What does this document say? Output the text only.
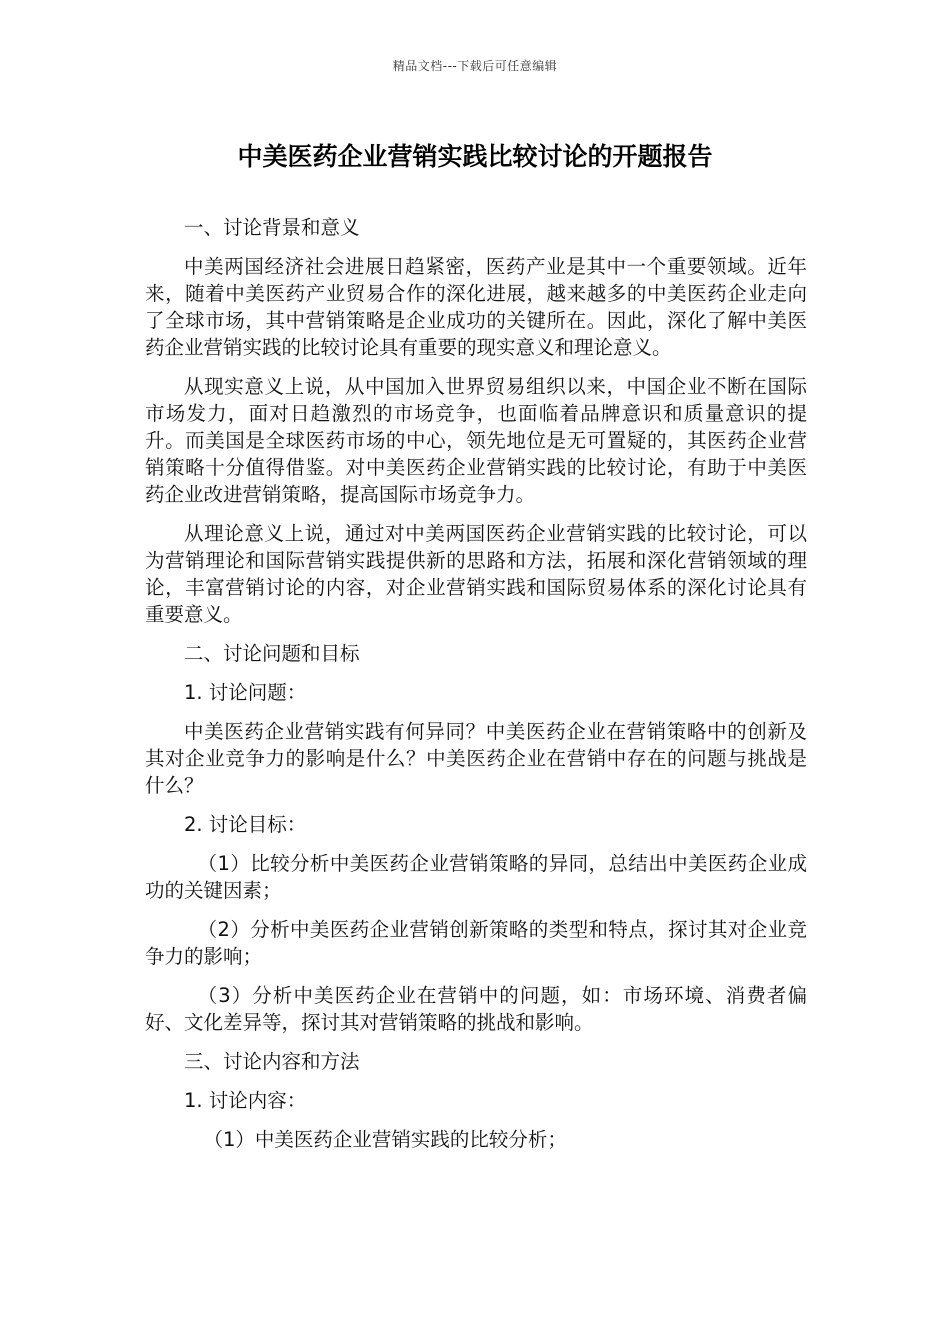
精品文档---下载后可任意编辑
中美医药企业营销实践比较讨论的开题报告

一、讨论背景和意义

中美两国经济社会进展日趋紧密，医药产业是其中一个重要领域。近年来，随着中美医药产业贸易合作的深化进展，越来越多的中美医药企业走向了全球市场，其中营销策略是企业成功的关键所在。因此，深化了解中美医药企业营销实践的比较讨论具有重要的现实意义和理论意义。

从现实意义上说，从中国加入世界贸易组织以来，中国企业不断在国际市场发力，面对日趋激烈的市场竞争，也面临着品牌意识和质量意识的提升。而美国是全球医药市场的中心，领先地位是无可置疑的，其医药企业营销策略十分值得借鉴。对中美医药企业营销实践的比较讨论，有助于中美医药企业改进营销策略，提高国际市场竞争力。

从理论意义上说，通过对中美两国医药企业营销实践的比较讨论，可以为营销理论和国际营销实践提供新的思路和方法，拓展和深化营销领域的理论，丰富营销讨论的内容，对企业营销实践和国际贸易体系的深化讨论具有重要意义。

二、讨论问题和目标

1. 讨论问题：

中美医药企业营销实践有何异同？中美医药企业在营销策略中的创新及其对企业竞争力的影响是什么？中美医药企业在营销中存在的问题与挑战是什么？

2. 讨论目标：

（1）比较分析中美医药企业营销策略的异同，总结出中美医药企业成功的关键因素；

（2）分析中美医药企业营销创新策略的类型和特点，探讨其对企业竞争力的影响；

（3）分析中美医药企业在营销中的问题，如：市场环境、消费者偏好、文化差异等，探讨其对营销策略的挑战和影响。

三、讨论内容和方法

1. 讨论内容：

（1）中美医药企业营销实践的比较分析；
